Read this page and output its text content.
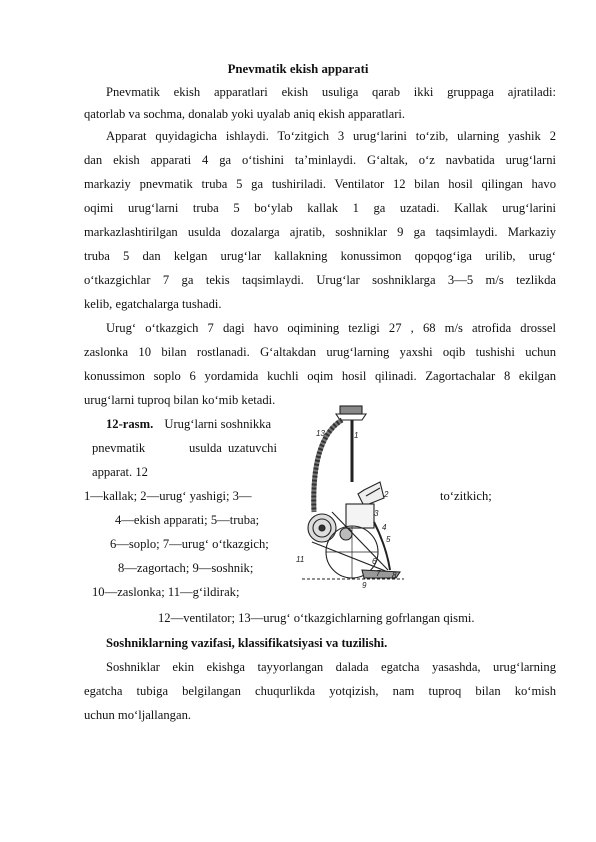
Pnevmatik ekish apparati
Pnevmatik ekish apparatlari ekish usuliga qarab ikki gruppaga ajratiladi:
qatorlab va sochma, donalab yoki uyalab aniq ekish apparatlari.
Apparat quyidagicha ishlaydi. To‘zitgich 3 urug‘larini to‘zib, ularning yashik 2
dan ekish apparati 4 ga o‘tishini ta’minlaydi. G‘altak, o‘z navbatida urug‘larni
markaziy pnevmatik truba 5 ga tushiriladi. Ventilator 12 bilan hosil qilingan havo
oqimi urug‘larni truba 5 bo‘ylab kallak 1 ga uzatadi. Kallak urug‘larini
markazlashtirilgan usulda dozalarga ajratib, soshniklar 9 ga taqsimlaydi. Markaziy
truba 5 dan kelgan urug‘lar kallakning konussimon qopqog‘iga urilib, urug‘
o‘tkazgichlar 7 ga tekis taqsimlaydi. Urug‘lar soshniklarga 3—5 m/s tezlikda
kelib, egatchalarga tushadi.
Urug‘ o‘tkazgich 7 dagi havo oqimining tezligi 27 , 68 m/s atrofida drossel
zaslonka 10 bilan rostlanadi. G‘altakdan urug‘larning yaxshi oqib tushishi uchun
konussimon soplo 6 yordamida kuchli oqim hosil qilinadi. Zagortachalar 8 ekilgan
urug‘larni tuproq bilan ko‘mib ketadi.
12-rasm. Urug‘larni soshnikka
pnevmatik	usulda uzatuvchi
apparat. 12
1—kallak; 2—urug‘ yashigi; 3—	to‘zitkich;
4—ekish apparati; 5—truba;
6—soplo; 7—urug‘ o‘tkazgich;
8—zagortach; 9—soshnik;
10—zaslonka; 11—g‘ildirak;
12—ventilator; 13—urug‘ o‘tkazgichlarning gofrlangan qismi.
13	1
2
3
4
5
11	6
7 8
9
Soshniklarning vazifasi, klassifikatsiyasi va tuzilishi.
Soshniklar ekin ekishga tayyorlangan dalada egatcha yasashda, urug‘larning
egatcha tubiga belgilangan chuqurlikda yotqizish, nam tuproq bilan ko‘mish
uchun mo‘ljallangan.
